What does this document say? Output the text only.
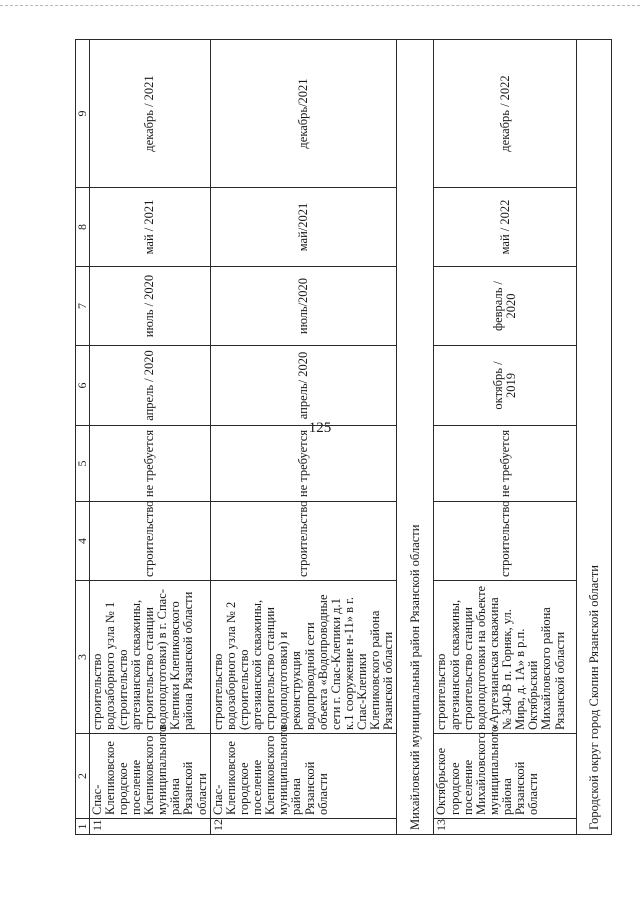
125
1	2	3	4	5	6	7	8	9
11	Спас-Клепиковское городское поселение Клепиковского муниципального района Рязанской области	строительство водозаборного узла № 1 (строительство артезианской скважины, строительство станции водоподготовки) в г. Спас-Клепики Клепиковского района Рязанской области	строительство	не требуется	апрель / 2020	июль / 2020	май / 2021	декабрь / 2021
12	Спас-Клепиковское городское поселение Клепиковского муниципального района Рязанской области	строительство водозаборного узла № 2 (строительство артезианской скважины, строительство станции водоподготовки) и реконструкция водопроводной сети объекта «Водопроводные сети г. Спас-Клепики д.1 к.1 сооружение н-11» в г. Спас-Клепики Клепиковского района Рязанской области	строительство	не требуется	апрель/ 2020	июль/2020	май/2021	декабрь/2021
Михайловский муниципальный район Рязанской области								
13	Октябрьское городское поселение Михайловского муниципального района Рязанской области	строительство артезианской скважины, строительство станции водоподготовки на объекте «Артезианская скважина № 340-В п. Горняк, ул. Мира, д. 1А» в р.п. Октябрьский Михайловского района Рязанской области	строительство	не требуется	октябрь / 2019	февраль / 2020	май / 2022	декабрь / 2022
Городской округ город Скопин Рязанской области								
